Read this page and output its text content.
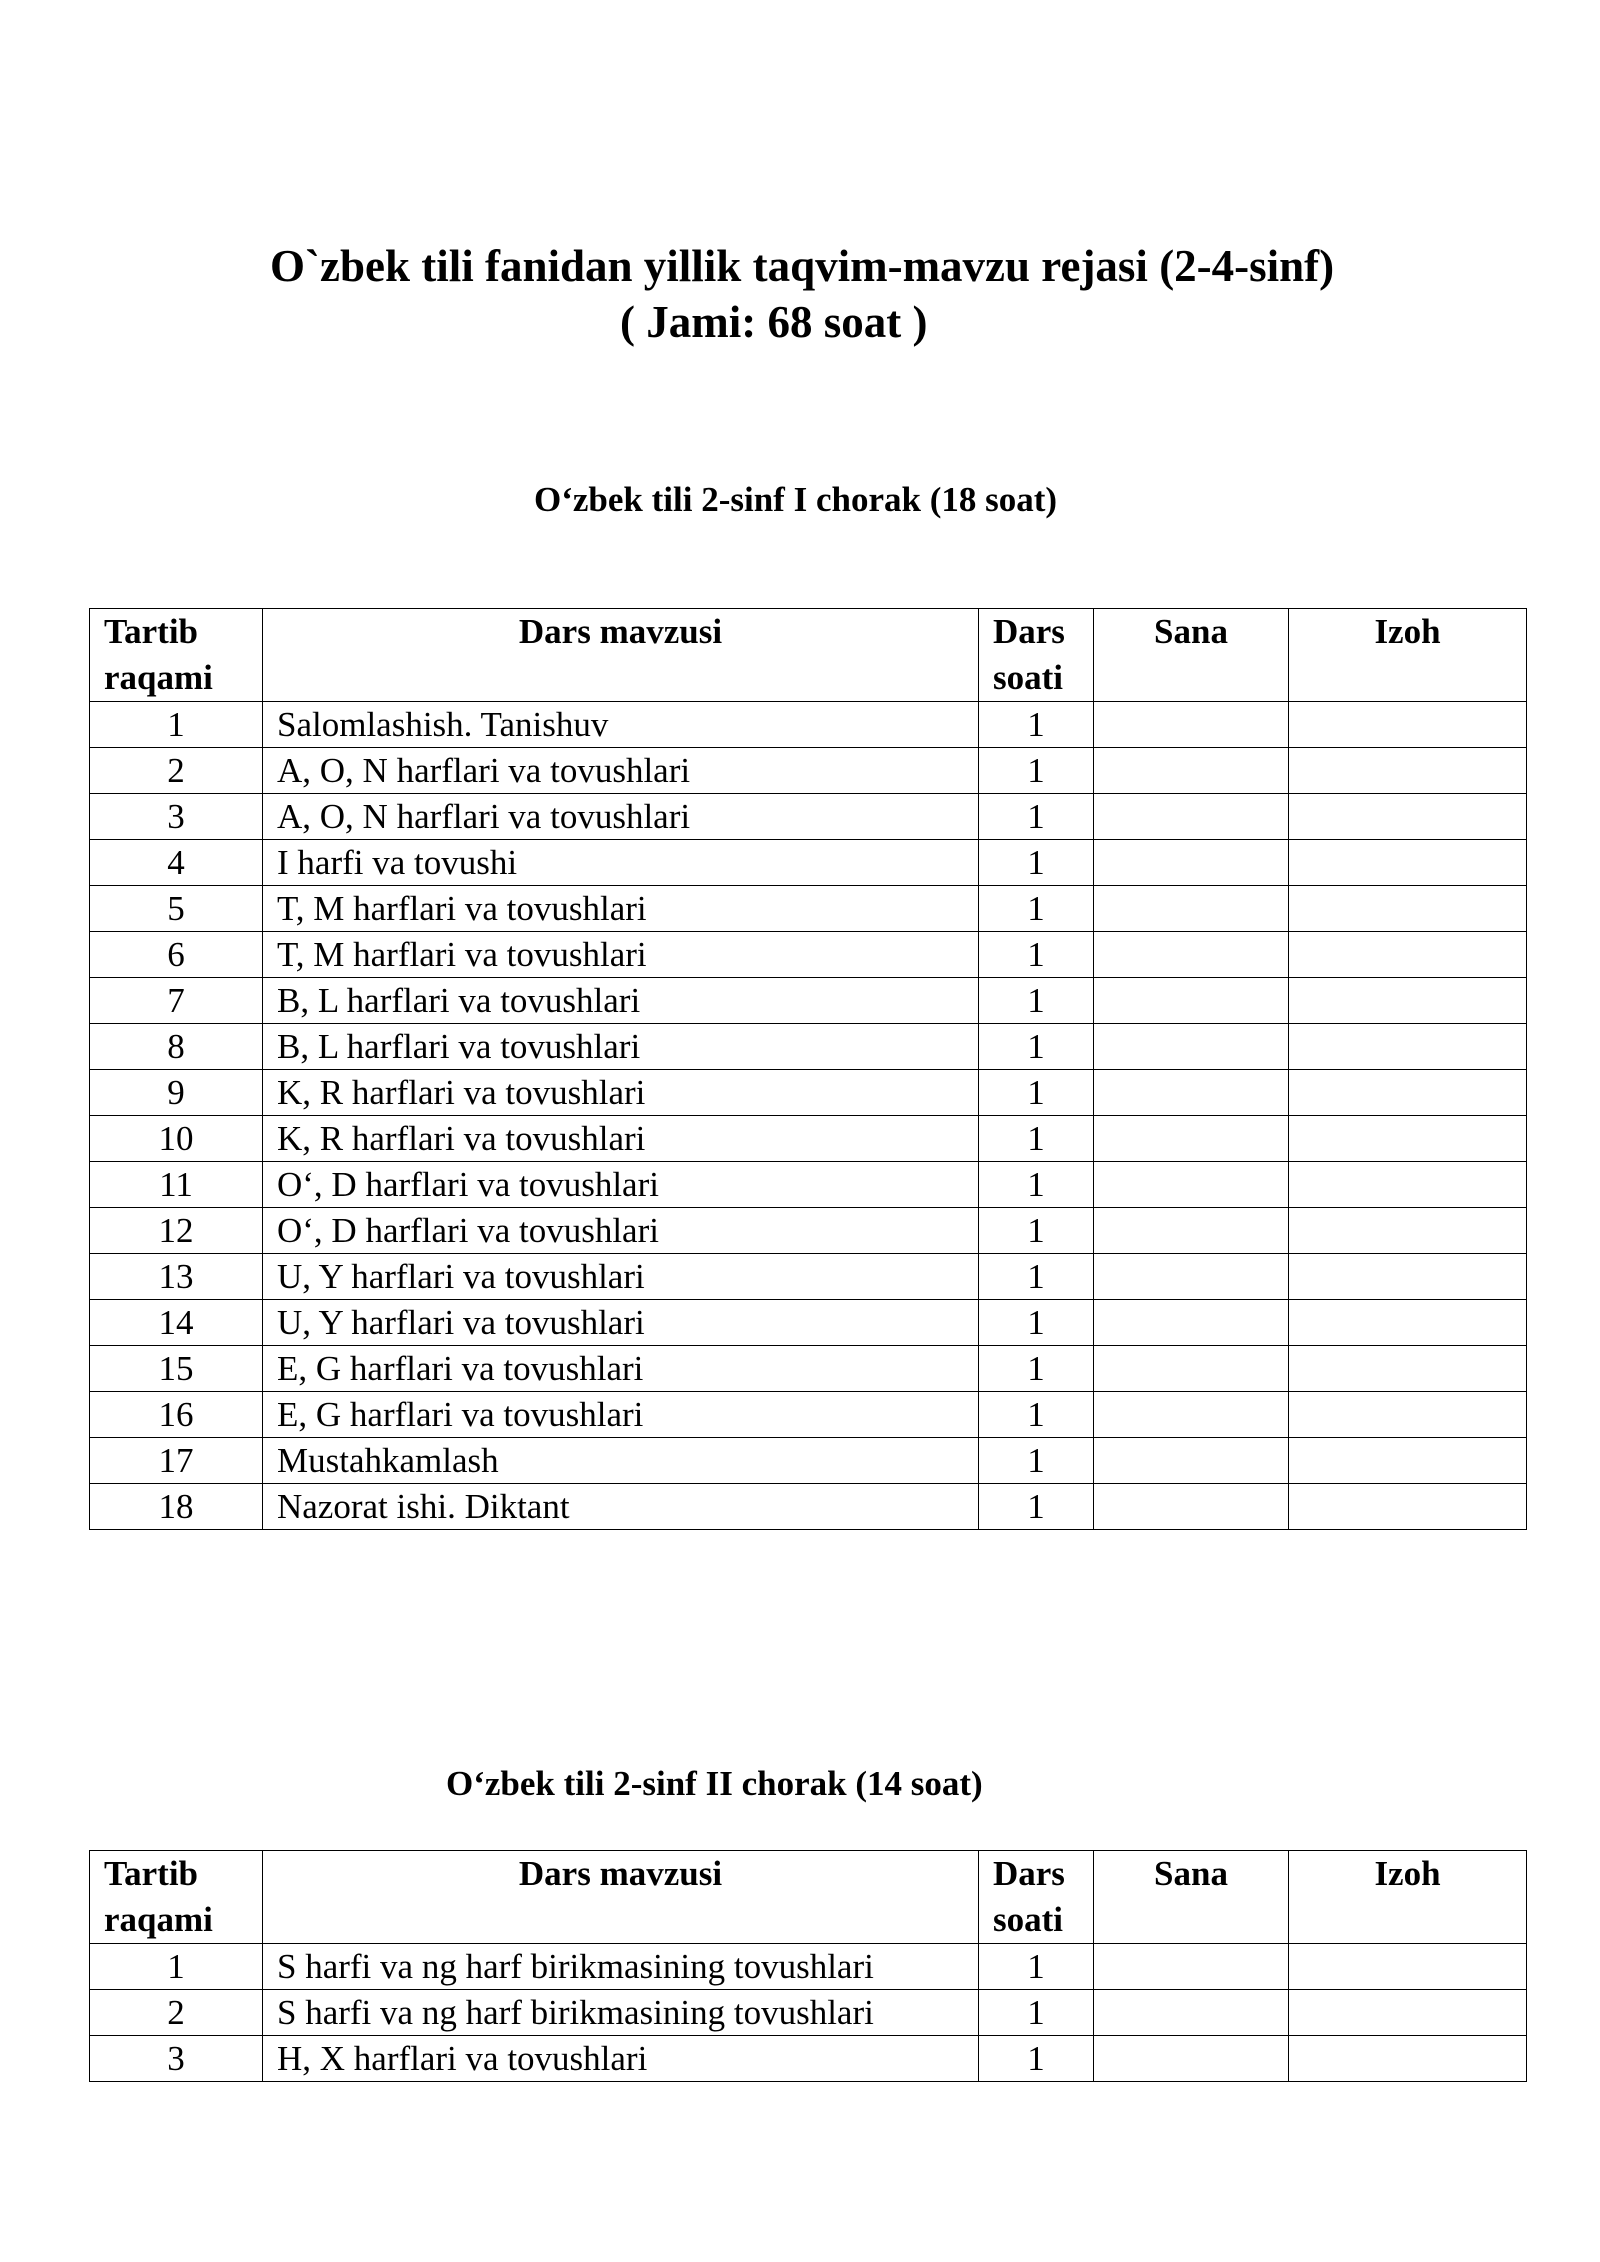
O`zbek tili fanidan yillik taqvim-mavzu rejasi (2-4-sinf)
( Jami: 68 soat )
O‘zbek tili 2-sinf I chorak (18 soat)
Tartib raqami	Dars mavzusi	Dars soati	Sana	Izoh
1	Salomlashish. Tanishuv	1		
2	A, O, N harflari va tovushlari	1		
3	A, O, N harflari va tovushlari	1		
4	I harfi va tovushi	1		
5	T, M harflari va tovushlari	1		
6	T, M harflari va tovushlari	1		
7	B, L harflari va tovushlari	1		
8	B, L harflari va tovushlari	1		
9	K, R harflari va tovushlari	1		
10	K, R harflari va tovushlari	1		
11	O‘, D harflari va tovushlari	1		
12	O‘, D harflari va tovushlari	1		
13	U, Y harflari va tovushlari	1		
14	U, Y harflari va tovushlari	1		
15	E, G harflari va tovushlari	1		
16	E, G harflari va tovushlari	1		
17	Mustahkamlash	1		
18	Nazorat ishi. Diktant	1		
O‘zbek tili 2-sinf II chorak (14 soat)
Tartib raqami	Dars mavzusi	Dars soati	Sana	Izoh
1	S harfi va ng harf birikmasining tovushlari	1		
2	S harfi va ng harf birikmasining tovushlari	1		
3	H, X harflari va tovushlari	1		
